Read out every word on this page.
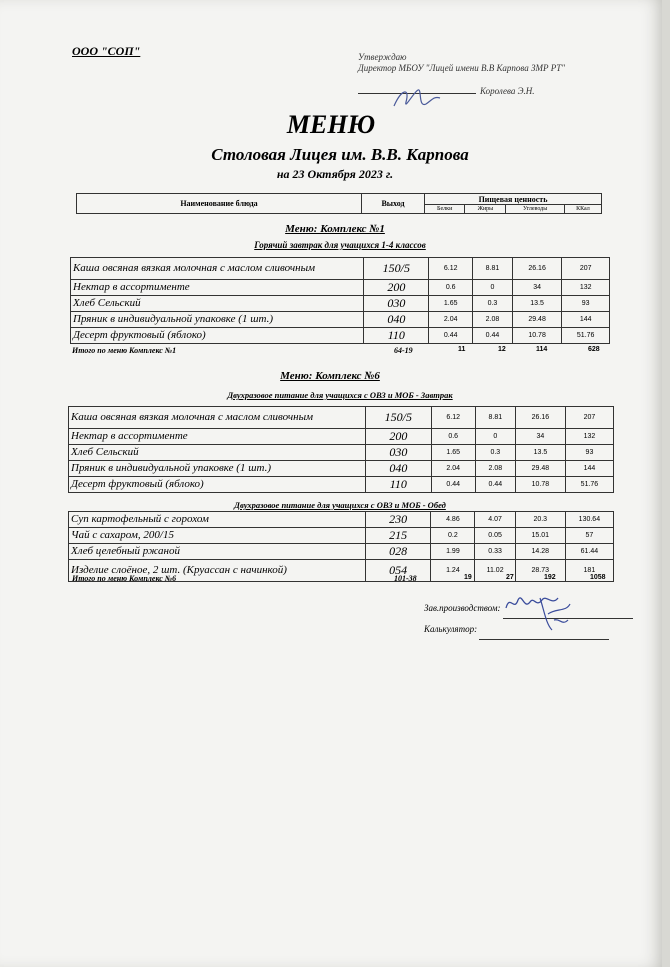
ООО "СОП"	Утверждаю
Директор МБОУ "Лицей имени В.В Карпова ЗМР РТ"
Королева Э.Н.
МЕНЮ
Столовая Лицея им. В.В. Карпова
на 23 Октября 2023 г.
Наименование блюда	Выход	Пищевая ценность			
		Белки	Жиры	Углеводы	ККал
Меню: Комплекс №1
Горячий завтрак для учащихся 1-4 классов
Каша овсяная вязкая молочная с маслом сливочным	150/5	6.12	8.81	26.16	207
Нектар в ассортименте	200	0.6	0	34	132
Хлеб Сельский	030	1.65	0.3	13.5	93
Пряник в индивидуальной упаковке (1 шт.)	040	2.04	2.08	29.48	144
Десерт фруктовый (яблоко)	110	0.44	0.44	10.78	51.76
Итого по меню Комплекс №1	64-19	11	12	114	628
Меню: Комплекс №6
Двухразовое питание для учащихся с ОВЗ и МОБ - Завтрак
Каша овсяная вязкая молочная с маслом сливочным	150/5	6.12	8.81	26.16	207
Нектар в ассортименте	200	0.6	0	34	132
Хлеб Сельский	030	1.65	0.3	13.5	93
Пряник в индивидуальной упаковке (1 шт.)	040	2.04	2.08	29.48	144
Десерт фруктовый (яблоко)	110	0.44	0.44	10.78	51.76
Двухразовое питание для учащихся с ОВЗ и МОБ - Обед
Суп картофельный с горохом	230	4.86	4.07	20.3	130.64
Чай с сахаром, 200/15	215	0.2	0.05	15.01	57
Хлеб целебный ржаной	028	1.99	0.33	14.28	61.44
Изделие слоёное, 2 шт. (Круассан с начинкой)	054	1.24	11.02	28.73	181
Итого по меню Комплекс №6	101-38	19	27	192	1058
Зав.производством:
Калькулятор:
